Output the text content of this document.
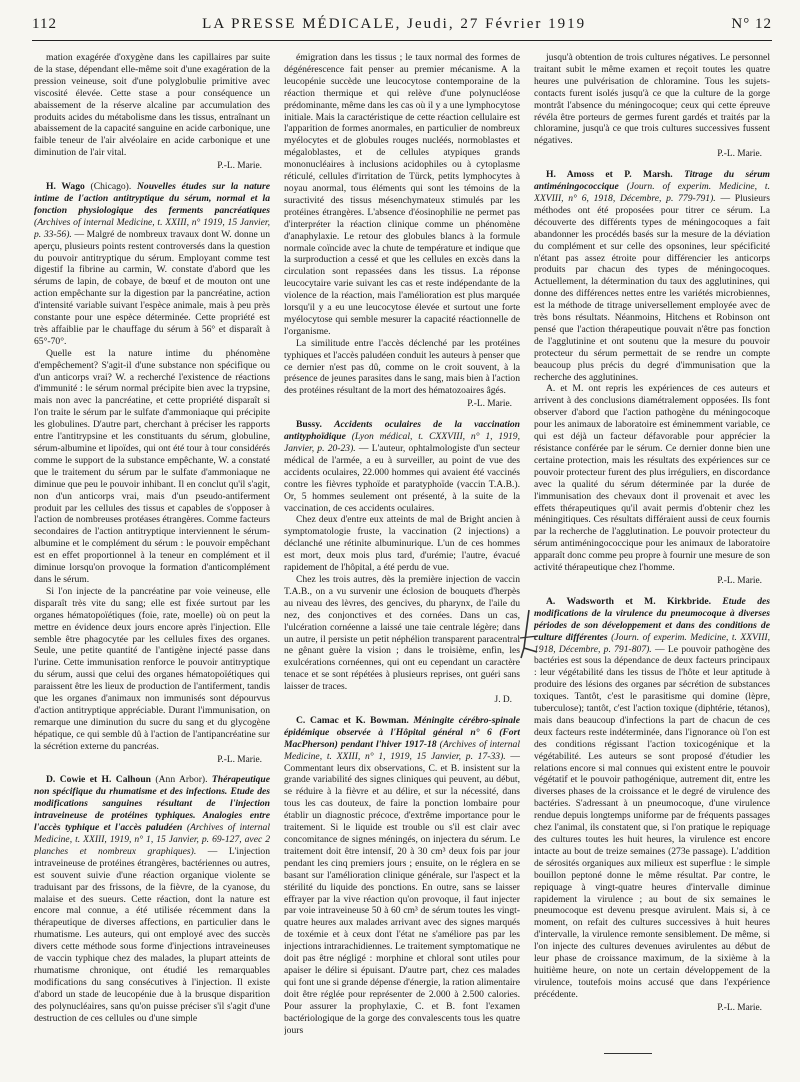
112	LA PRESSE MÉDICALE, Jeudi, 27 Février 1919	N° 12

mation exagérée d'oxygène dans les capillaires par suite de la stase, dépendant elle-même soit d'une exagération de la pression veineuse, soit d'une polyglobulie primitive avec viscosité élevée. Cette stase a pour conséquence un abaissement de la réserve alcaline par accumulation des produits acides du métabolisme dans les tissus, entraînant un abaissement de la capacité sanguine en acide carbonique, une faible teneur de l'air alvéolaire en acide carbonique et une diminution de l'air vital.

P.-L. Marie.

H. Wago (Chicago). Nouvelles études sur la nature intime de l'action antitryptique du sérum, normal et la fonction physiologique des ferments pancréatiques (Archives of internal Medicine, t. XXIII, n° 1919, 15 Janvier, p. 33-56). — Malgré de nombreux travaux dont W. donne un aperçu, plusieurs points restent controversés dans la question du pouvoir antitryptique du sérum. Employant comme test digestif la fibrine au carmin, W. constate d'abord que les sérums de lapin, de cobaye, de bœuf et de mouton ont une action empêchante sur la digestion par la pancréatine, action d'intensité variable suivant l'espèce animale, mais à peu près constante pour une espèce déterminée. Cette propriété est très affaiblie par le chauffage du sérum à 56° et disparaît à 65°-70°.

Quelle est la nature intime du phénomène d'empêchement? S'agit-il d'une substance non spécifique ou d'un anticorps vrai? W. a recherché l'existence de réactions d'immunité : le sérum normal précipite bien avec la trypsine, mais non avec la pancréatine, et cette propriété disparaît si l'on traite le sérum par le sulfate d'ammoniaque qui précipite les globulines. D'autre part, cherchant à préciser les rapports entre l'antitrypsine et les constituants du sérum, globuline, sérum-albumine et lipoïdes, qui ont été tour à tour considérés comme le support de la substance empêchante, W. a constaté que le traitement du sérum par le sulfate d'ammoniaque ne diminue que peu le pouvoir inhibant. Il en conclut qu'il s'agit, non d'un anticorps vrai, mais d'un pseudo-antiferment produit par les cellules des tissus et capables de s'opposer à l'action de nombreuses protéases étrangères. Comme facteurs secondaires de l'action antitryptique interviennent le sérum-albumine et le complément du sérum : le pouvoir empêchant est en effet proportionnel à la teneur en complément et il diminue lorsqu'on provoque la formation d'anticomplément dans le sérum.

Si l'on injecte de la pancréatine par voie veineuse, elle disparaît très vite du sang; elle est fixée surtout par les organes hématopoïétiques (foie, rate, moelle) où on peut la mettre en évidence deux jours encore après l'injection. Elle semble être phagocytée par les cellules fixes des organes. Seule, une petite quantité de l'antigène injecté passe dans l'urine. Cette immunisation renforce le pouvoir antitryptique du sérum, aussi que celui des organes hématopoïétiques qui paraissent être les lieux de production de l'antiferment, tandis que les organes d'animaux non immunisés sont dépourvus d'action antitryptique appréciable. Durant l'immunisation, on remarque une diminution du sucre du sang et du glycogène hépatique, ce qui semble dû à l'action de l'antipancréatine sur la sécrétion externe du pancréas.

P.-L. Marie.

D. Cowie et H. Calhoun (Ann Arbor). Thérapeutique non spécifique du rhumatisme et des infections. Etude des modifications sanguines résultant de l'injection intraveineuse de protéines typhiques. Analogies entre l'accès typhique et l'accès paludéen (Archives of internal Medicine, t. XXIII, 1919, n° 1, 15 Janvier, p. 69-127, avec 2 planches et nombreux graphiques). — L'injection intraveineuse de protéines étrangères, bactériennes ou autres, est souvent suivie d'une réaction organique violente se traduisant par des frissons, de la fièvre, de la cyanose, du malaise et des sueurs. Cette réaction, dont la nature est encore mal connue, a été utilisée récemment dans la thérapeutique de diverses affections, en particulier dans le rhumatisme. Les auteurs, qui ont employé avec des succès divers cette méthode sous forme d'injections intraveineuses de vaccin typhique chez des malades, la plupart atteints de rhumatisme chronique, ont étudié les remarquables modifications du sang consécutives à l'injection. Il existe d'abord un stade de leucopénie due à la brusque disparition des polynucléaires, sans qu'on puisse préciser s'il s'agit d'une destruction de ces cellules ou d'une simple

émigration dans les tissus ; le taux normal des formes de dégénérescence fait penser au premier mécanisme. A la leucopénie succède une leucocytose contemporaine de la réaction thermique et qui relève d'une polynucléose prédominante, même dans les cas où il y a une lymphocytose initiale. Mais la caractéristique de cette réaction cellulaire est l'apparition de formes anormales, en particulier de nombreux myélocytes et de globules rouges nucléés, normoblastes et mégaloblastes, et de cellules atypiques grands mononucléaires à inclusions acidophiles ou à cytoplasme réticulé, cellules d'irritation de Türck, petits lymphocytes à noyau anormal, tous éléments qui sont les témoins de la suractivité des tissus mésenchymateux stimulés par les protéines étrangères. L'absence d'éosinophilie ne permet pas d'interpréter la réaction clinique comme un phénomène d'anaphylaxie. Le retour des globules blancs à la formule normale coïncide avec la chute de température et indique que la surproduction a cessé et que les cellules en excès dans la circulation sont repassées dans les tissus. La réponse leucocytaire varie suivant les cas et reste indépendante de la violence de la réaction, mais l'amélioration est plus marquée lorsqu'il y a eu une leucocytose élevée et surtout une forte myélocytose qui semble mesurer la capacité réactionnelle de l'organisme.

La similitude entre l'accès déclenché par les protéines typhiques et l'accès paludéen conduit les auteurs à penser que ce dernier n'est pas dû, comme on le croit souvent, à la présence de jeunes parasites dans le sang, mais bien à l'action des protéines résultant de la mort des hématozoaires âgés.

P.-L. Marie.

Bussy. Accidents oculaires de la vaccination antityphoïdique (Lyon médical, t. CXXVIII, n° 1, 1919, Janvier, p. 20-23). — L'auteur, ophtalmologiste d'un secteur médical de l'armée, a eu à surveiller, au point de vue des accidents oculaires, 22.000 hommes qui avaient été vaccinés contre les fièvres typhoïde et paratyphoïde (vaccin T.A.B.). Or, 5 hommes seulement ont présenté, à la suite de la vaccination, de ces accidents oculaires.

Chez deux d'entre eux atteints de mal de Bright ancien à symptomatologie fruste, la vaccination (2 injections) a déclanché une rétinite albuminurique. L'un de ces hommes est mort, deux mois plus tard, d'urémie; l'autre, évacué rapidement de l'hôpital, a été perdu de vue.

Chez les trois autres, dès la première injection de vaccin T.A.B., on a vu survenir une éclosion de bouquets d'herpès au niveau des lèvres, des gencives, du pharynx, de l'aile du nez, des conjonctives et des cornées. Dans un cas, l'ulcération cornéenne a laissé une taie centrale légère; dans un autre, il persiste un petit néphélion transparent paracentral ne gênant guère la vision ; dans le troisième, enfin, les exulcérations cornéennes, qui ont eu cependant un caractère tenace et se sont répétées à plusieurs reprises, ont guéri sans laisser de traces.

J. D.

C. Camac et K. Bowman. Méningite cérébro-spinale épidémique observée à l'Hôpital général n° 6 (Fort MacPherson) pendant l'hiver 1917-18 (Archives of internal Medicine, t. XXIII, n° 1, 1919, 15 Janvier, p. 17-33). — Commentant leurs dix observations, C. et B. insistent sur la grande variabilité des signes cliniques qui peuvent, au début, se réduire à la fièvre et au délire, et sur la nécessité, dans tous les cas douteux, de faire la ponction lombaire pour établir un diagnostic précoce, d'extrême importance pour le traitement. Si le liquide est trouble ou s'il est clair avec concomitance de signes méningés, on injectera du sérum. Le traitement doit être intensif, 20 à 30 cm³ deux fois par jour pendant les cinq premiers jours ; ensuite, on le réglera en se basant sur l'amélioration clinique générale, sur l'aspect et la stérilité du liquide des ponctions. En outre, sans se laisser effrayer par la vive réaction qu'on provoque, il faut injecter par voie intraveineuse 50 à 60 cm³ de sérum toutes les vingt-quatre heures aux malades arrivant avec des signes marqués de toxémie et à ceux dont l'état ne s'améliore pas par les injections intrarachidiennes. Le traitement symptomatique ne doit pas être négligé : morphine et chloral sont utiles pour apaiser le délire si épuisant. D'autre part, chez ces malades qui font une si grande dépense d'énergie, la ration alimentaire doit être réglée pour représenter de 2.000 à 2.500 calories. Pour assurer la prophylaxie, C. et B. font l'examen bactériologique de la gorge des convalescents tous les quatre jours

jusqu'à obtention de trois cultures négatives. Le personnel traitant subit le même examen et reçoit toutes les quatre heures une pulvérisation de chloramine. Tous les sujets-contacts furent isolés jusqu'à ce que la culture de la gorge montrât l'absence du méningocoque; ceux qui cette épreuve révéla être porteurs de germes furent gardés et traités par la chloramine, jusqu'à ce que trois cultures successives fussent négatives.

P.-L. Marie.

H. Amoss et P. Marsh. Titrage du sérum antiméningococcique (Journ. of experim. Medicine, t. XXVIII, n° 6, 1918, Décembre, p. 779-791). — Plusieurs méthodes ont été proposées pour titrer ce sérum. La découverte des différents types de méningocoques a fait abandonner les procédés basés sur la mesure de la déviation du complément et sur celle des opsonines, leur spécificité n'étant pas assez étroite pour différencier les anticorps produits par chacun des types de méningocoques. Actuellement, la détermination du taux des agglutinines, qui donne des différences nettes entre les variétés microbiennes, est la méthode de titrage universellement employée avec de très bons résultats. Néanmoins, Hitchens et Robinson ont pensé que l'action thérapeutique pouvait n'être pas fonction de l'agglutinine et ont soutenu que la mesure du pouvoir protecteur du sérum permettait de se rendre un compte beaucoup plus précis du degré d'immunisation que la recherche des agglutinines.

A. et M. ont repris les expériences de ces auteurs et arrivent à des conclusions diamétralement opposées. Ils font observer d'abord que l'action pathogène du méningocoque pour les animaux de laboratoire est éminemment variable, ce qui est déjà un facteur défavorable pour apprécier la résistance conférée par le sérum. Ce dernier donne bien une certaine protection, mais les résultats des expériences sur ce pouvoir protecteur furent des plus irréguliers, en discordance avec la qualité du sérum déterminée par la durée de l'immunisation des chevaux dont il provenait et avec les effets thérapeutiques qu'il avait permis d'obtenir chez les méningitiques. Ces résultats différaient aussi de ceux fournis par la recherche de l'agglutination. Le pouvoir protecteur du sérum antiméningococcique pour les animaux de laboratoire apparaît donc comme peu propre à fournir une mesure de son activité thérapeutique chez l'homme.

P.-L. Marie.

A. Wadsworth et M. Kirkbride. Etude des modifications de la virulence du pneumocoque à diverses périodes de son développement et dans des conditions de culture différentes (Journ. of experim. Medicine, t. XXVIII, 1918, Décembre, p. 791-807). — Le pouvoir pathogène des bactéries est sous la dépendance de deux facteurs principaux : leur végétabilité dans les tissus de l'hôte et leur aptitude à produire des lésions des organes par sécrétion de substances toxiques. Tantôt, c'est le parasitisme qui domine (lèpre, tuberculose); tantôt, c'est l'action toxique (diphtérie, tétanos), mais dans beaucoup d'infections la part de chacun de ces deux facteurs reste indéterminée, dans l'ignorance où l'on est des conditions régissant l'action toxicogénique et la végétabilité. Les auteurs se sont proposé d'étudier les relations encore si mal connues qui existent entre le pouvoir végétatif et le pouvoir pathogénique, autrement dit, entre les diverses phases de la croissance et le degré de virulence des bactéries. S'adressant à un pneumocoque, d'une virulence rendue depuis longtemps uniforme par de fréquents passages chez l'animal, ils constatent que, si l'on pratique le repiquage des cultures toutes les huit heures, la virulence est encore intacte au bout de treize semaines (273e passage). L'addition de sérosités organiques aux milieux est superflue : le simple bouillon peptoné donne le même résultat. Par contre, le repiquage à vingt-quatre heures d'intervalle diminue rapidement la virulence ; au bout de six semaines le pneumocoque est devenu presque avirulent. Mais si, à ce moment, on refait des cultures successives à huit heures d'intervalle, la virulence remonte sensiblement. De même, si l'on injecte des cultures devenues avirulentes au début de leur phase de croissance maximum, de la sixième à la huitième heure, on note un certain développement de la virulence, toutefois moins accusé que dans l'expérience précédente.

P.-L. Marie.
